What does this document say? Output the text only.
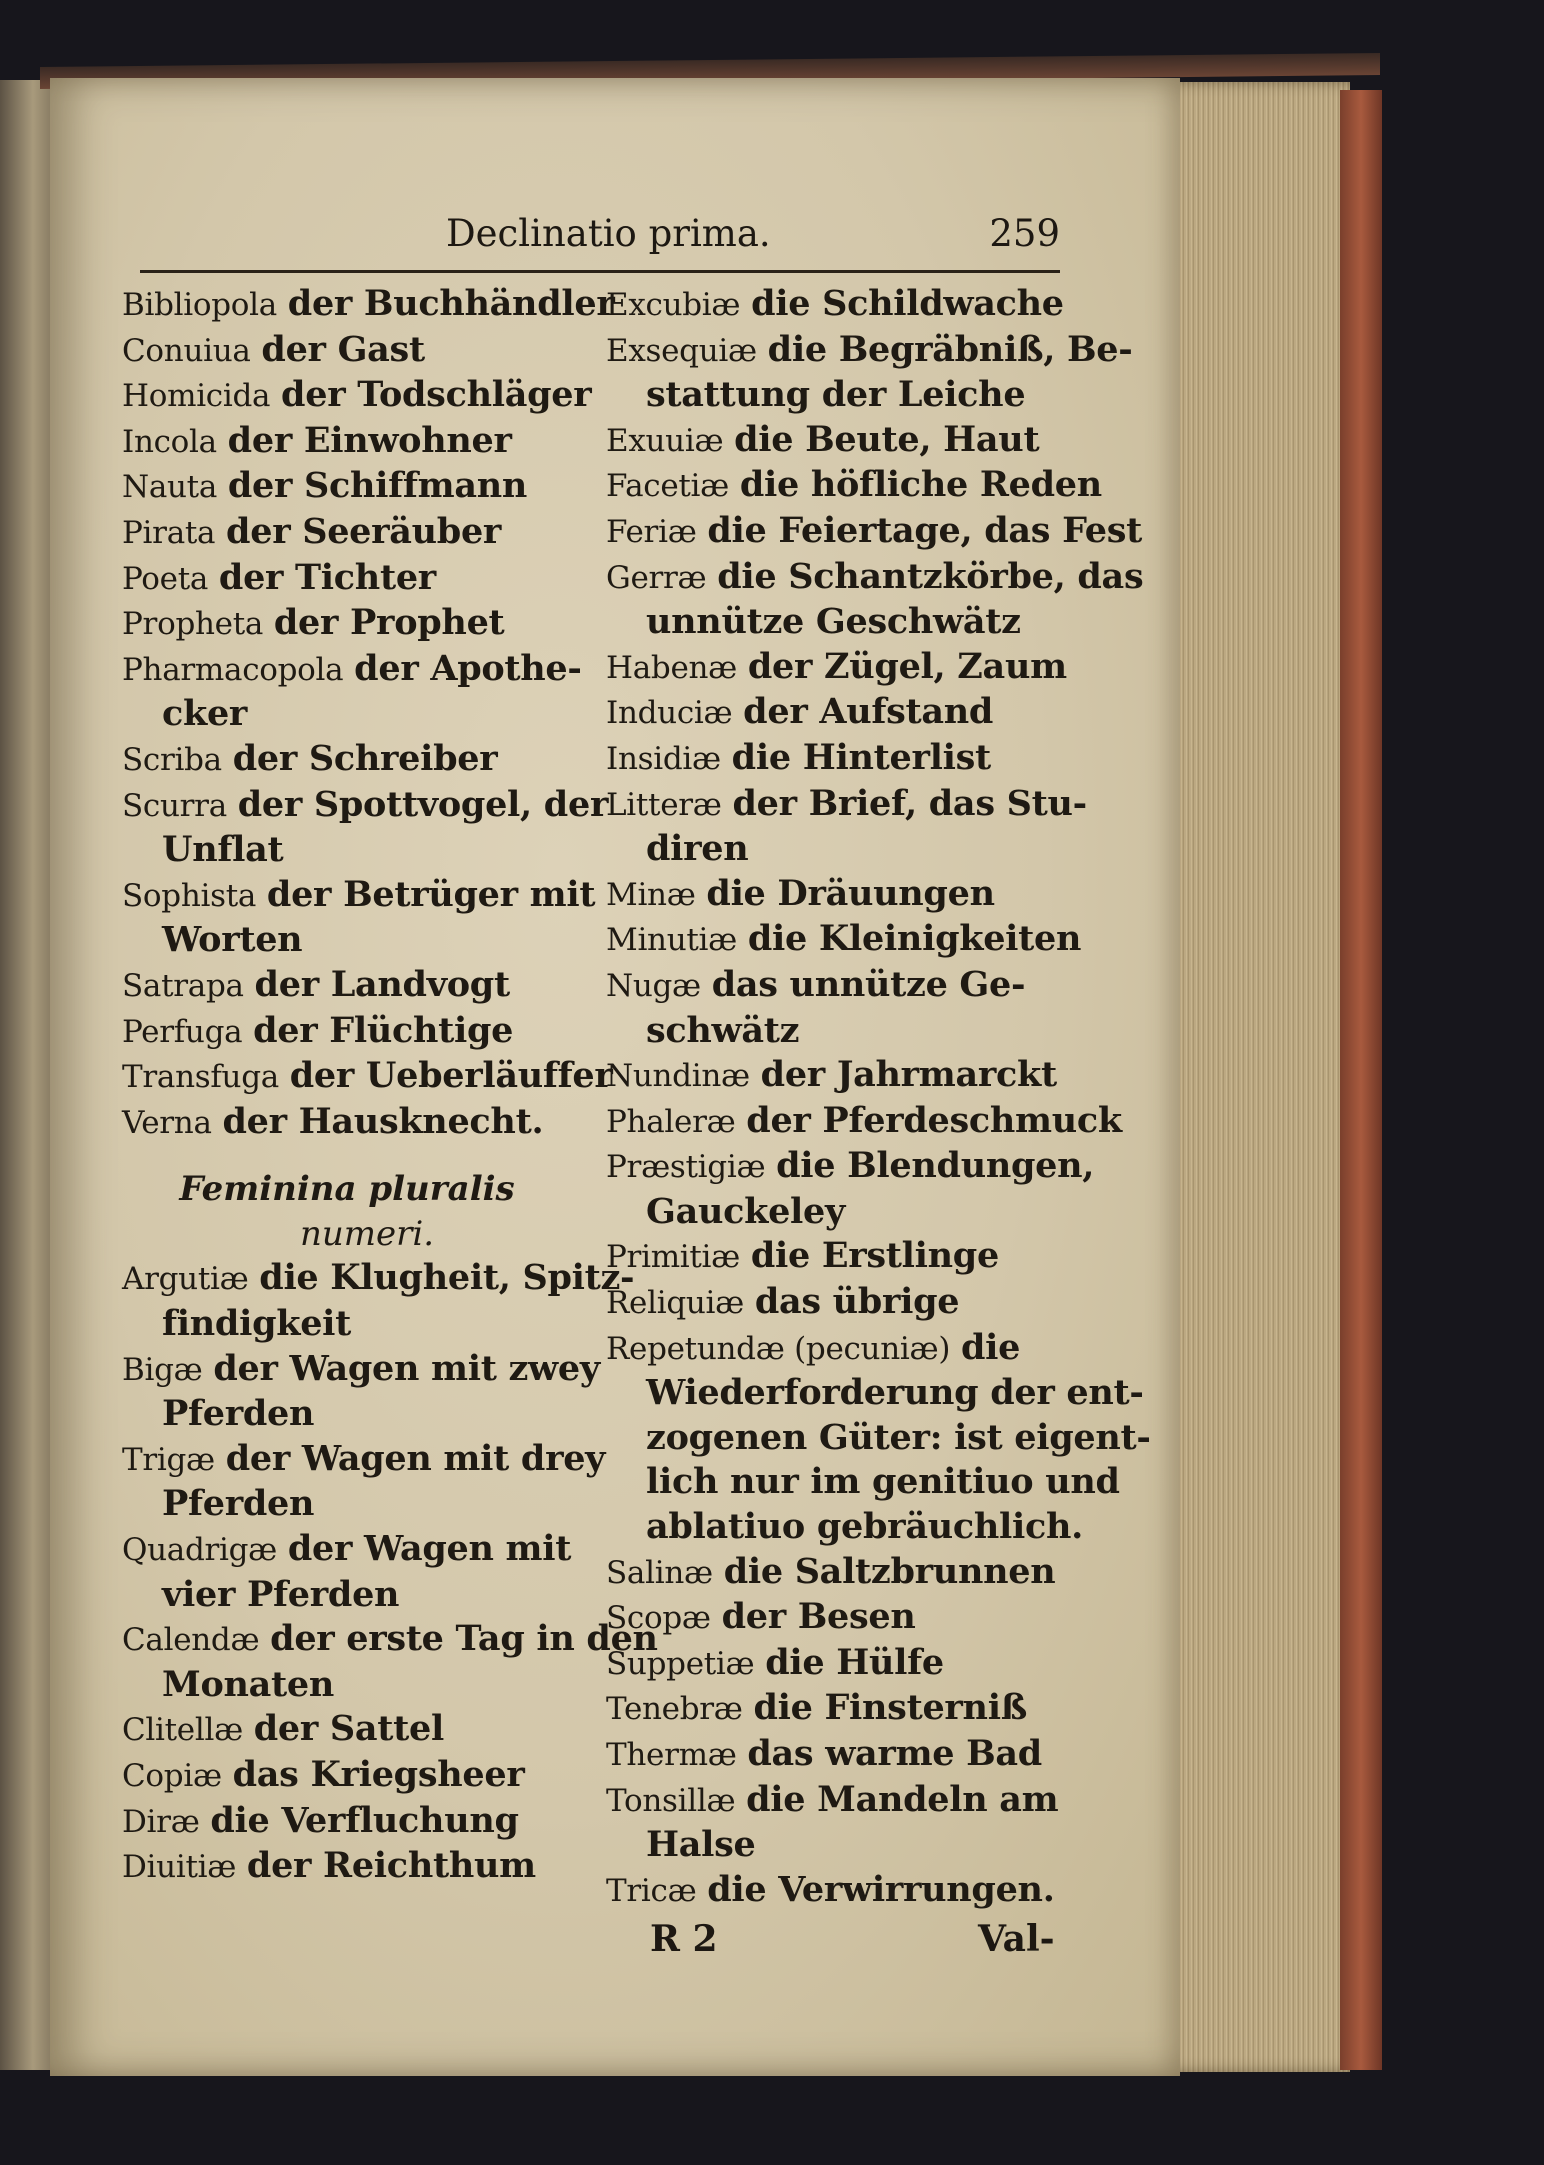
Declinatio prima.	259
Bibliopola der Buchhändler
Conuiua der Gast
Homicida der Todschläger
Incola der Einwohner
Nauta der Schiffmann
Pirata der Seeräuber
Poeta der Tichter
Propheta der Prophet
Pharmacopola der Apothe-
cker
Scriba der Schreiber
Scurra der Spottvogel, der
Unflat
Sophista der Betrüger mit
Worten
Satrapa der Landvogt
Perfuga der Flüchtige
Transfuga der Ueberläuffer
Verna der Hausknecht.
Feminina pluralis
numeri.
Argutiæ die Klugheit, Spitz-
findigkeit
Bigæ der Wagen mit zwey
Pferden
Trigæ der Wagen mit drey
Pferden
Quadrigæ der Wagen mit
vier Pferden
Calendæ der erste Tag in den
Monaten
Clitellæ der Sattel
Copiæ das Kriegsheer
Diræ die Verfluchung
Diuitiæ der Reichthum
Excubiæ die Schildwache
Exsequiæ die Begräbniß, Be-
stattung der Leiche
Exuuiæ die Beute, Haut
Facetiæ die höfliche Reden
Feriæ die Feiertage, das Fest
Gerræ die Schantzkörbe, das
unnütze Geschwätz
Habenæ der Zügel, Zaum
Induciæ der Aufstand
Insidiæ die Hinterlist
Litteræ der Brief, das Stu-
diren
Minæ die Dräuungen
Minutiæ die Kleinigkeiten
Nugæ das unnütze Ge-
schwätz
Nundinæ der Jahrmarckt
Phaleræ der Pferdeschmuck
Præstigiæ die Blendungen,
Gauckeley
Primitiæ die Erstlinge
Reliquiæ das übrige
Repetundæ (pecuniæ) die
Wiederforderung der ent-
zogenen Güter: ist eigent-
lich nur im genitiuo und
ablatiuo gebräuchlich.
Salinæ die Saltzbrunnen
Scopæ der Besen
Suppetiæ die Hülfe
Tenebræ die Finsterniß
Thermæ das warme Bad
Tonsillæ die Mandeln am
Halse
Tricæ die Verwirrungen.
R 2	Val-
